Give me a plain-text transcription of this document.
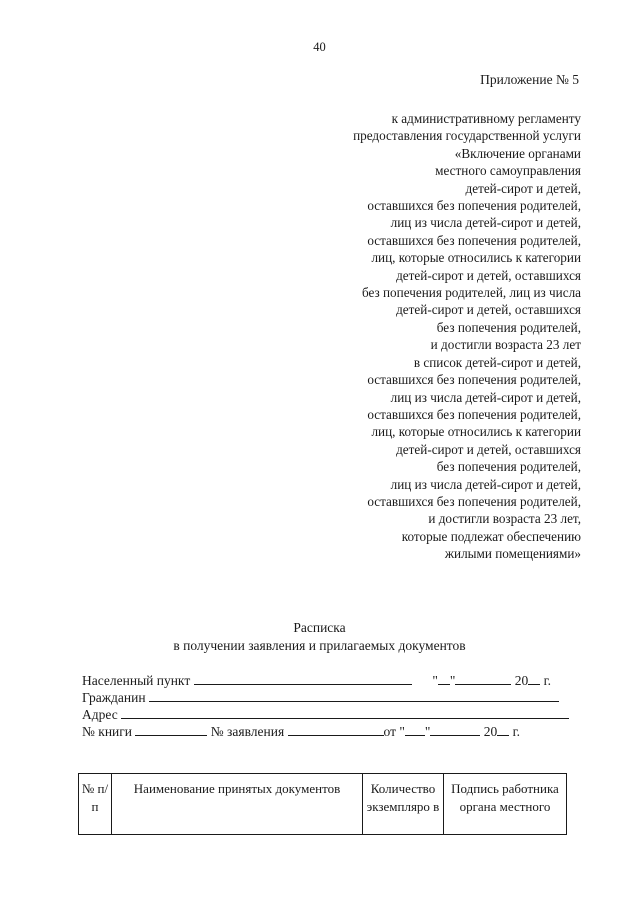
40
Приложение № 5
к административному регламенту
предоставления государственной услуги
«Включение органами
местного самоуправления
детей-сирот и детей,
оставшихся без попечения родителей,
лиц из числа детей-сирот и детей,
оставшихся без попечения родителей,
лиц, которые относились к категории
детей-сирот и детей, оставшихся
без попечения родителей, лиц из числа
детей-сирот и детей, оставшихся
без попечения родителей,
и достигли возраста 23 лет
в список детей-сирот и детей,
оставшихся без попечения родителей,
лиц из числа детей-сирот и детей,
оставшихся без попечения родителей,
лиц, которые относились к категории
детей-сирот и детей, оставшихся
без попечения родителей,
лиц из числа детей-сирот и детей,
оставшихся без попечения родителей,
и достигли возраста 23 лет,
которые подлежат обеспечению
жилыми помещениями»
Расписка
в получении заявления и прилагаемых документов
Населенный пункт	" "	20 г.
Гражданин
Адрес
№ книги	№ заявления	от " "	20 г.
№ п/п	Наименование принятых документов	Количество экземпляро в	Подпись работника органа местного
